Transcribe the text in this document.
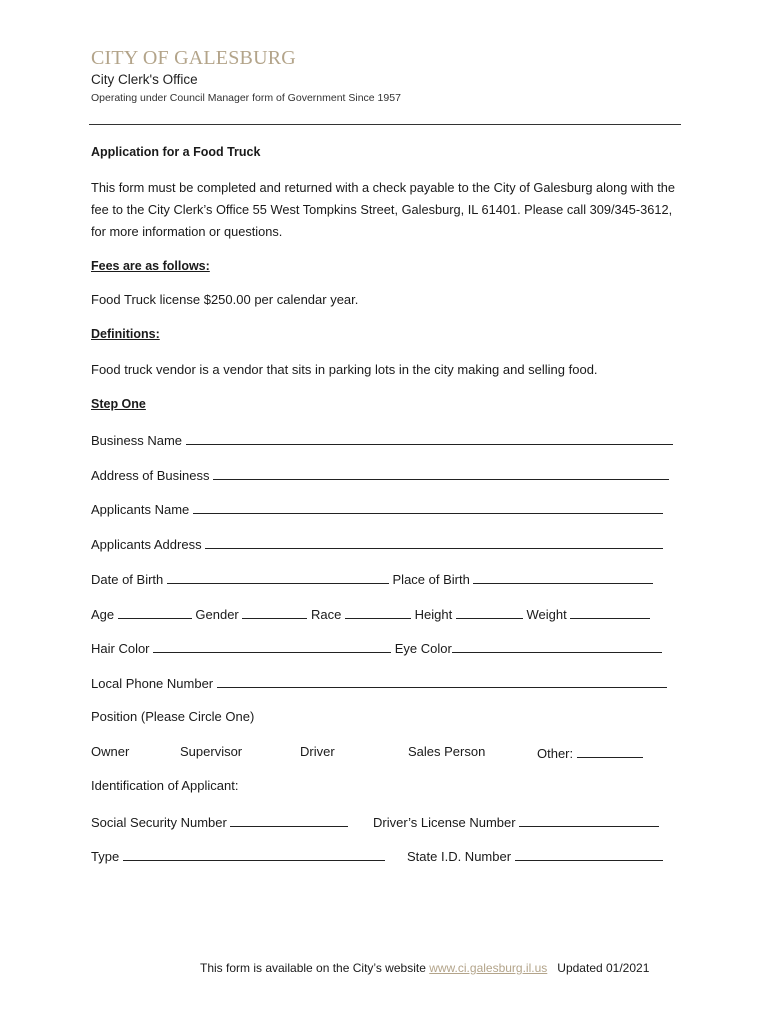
CITY OF GALESBURG
City Clerk's Office
Operating under Council Manager form of Government Since 1957
Application for a Food Truck
This form must be completed and returned with a check payable to the City of Galesburg along with the fee to the City Clerk’s Office 55 West Tompkins Street, Galesburg, IL 61401. Please call 309/345-3612, for more information or questions.
Fees are as follows:
Food Truck license $250.00 per calendar year.
Definitions:
Food truck vendor is a vendor that sits in parking lots in the city making and selling food.
Step One
Business Name
Address of Business
Applicants Name
Applicants Address
Date of Birth	Place of Birth
Age	Gender	Race	Height	Weight
Hair Color	Eye Color
Local Phone Number
Position (Please Circle One)
Owner	Supervisor	Driver	Sales Person	Other:
Identification of Applicant:
Social Security Number	Driver’s License Number
Type	State I.D. Number
This form is available on the City’s website www.ci.galesburg.il.us Updated 01/2021
